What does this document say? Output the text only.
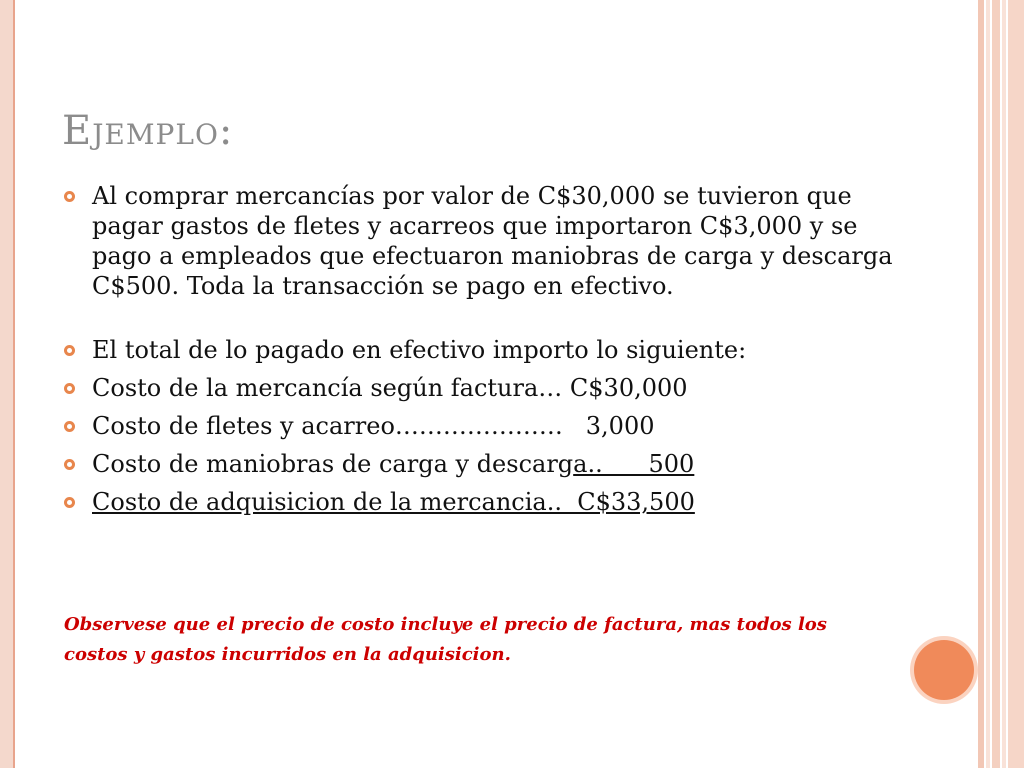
Ejemplo:
Al comprar mercancías por valor de C$30,000 se tuvieron que pagar gastos de fletes y acarreos que importaron C$3,000 y se pago a empleados que efectuaron maniobras de carga y descarga C$500. Toda la transacción se pago en efectivo.
El total de lo pagado en efectivo importo lo siguiente:
Costo de la mercancía según factura… C$30,000
Costo de fletes y acarreo…………………   3,000
Costo de maniobras de carga y descarga..      500
Costo de adquisicion de la mercancia..  C$33,500
Observese que el precio de costo incluye el precio de factura, mas todos los costos y gastos incurridos en la adquisicion.
